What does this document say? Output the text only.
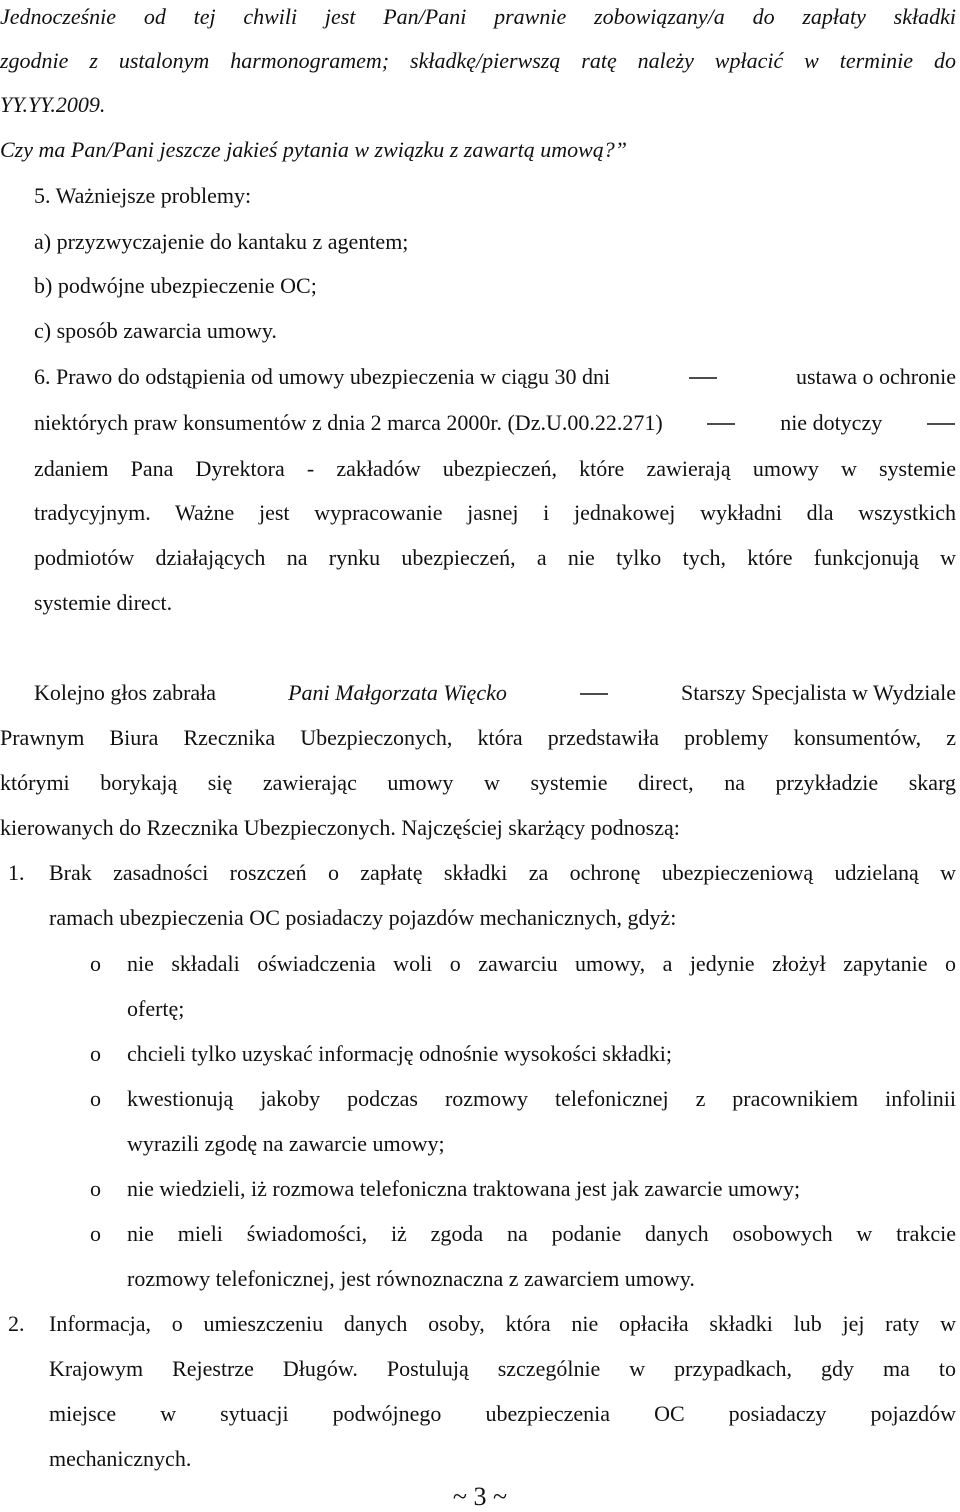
Jednocześnie od tej chwili jest Pan/Pani prawnie zobowiązany/a do zapłaty składki
zgodnie z ustalonym harmonogramem; składkę/pierwszą ratę należy wpłacić w terminie do
YY.YY.2009.
Czy ma Pan/Pani jeszcze jakieś pytania w związku z zawartą umową?”
5. Ważniejsze problemy:
a) przyzwyczajenie do kantaku z agentem;
b) podwójne ubezpieczenie OC;
c) sposób zawarcia umowy.
6. Prawo do odstąpienia od umowy ubezpieczenia w ciągu 30 dni	ustawa o ochronie
niektórych praw konsumentów z dnia 2 marca 2000r. (Dz.U.00.22.271)	nie dotyczy
zdaniem Pana Dyrektora - zakładów ubezpieczeń, które zawierają umowy w systemie
tradycyjnym. Ważne jest wypracowanie jasnej i jednakowej wykładni dla wszystkich
podmiotów działających na rynku ubezpieczeń, a nie tylko tych, które funkcjonują w
systemie direct.
Kolejno głos zabrała	Pani Małgorzata Więcko	Starszy Specjalista w Wydziale
Prawnym Biura Rzecznika Ubezpieczonych, która przedstawiła problemy konsumentów, z
którymi borykają się zawierając umowy w systemie direct, na przykładzie skarg
kierowanych do Rzecznika Ubezpieczonych. Najczęściej skarżący podnoszą:
1. Brak zasadności roszczeń o zapłatę składki za ochronę ubezpieczeniową udzielaną w
ramach ubezpieczenia OC posiadaczy pojazdów mechanicznych, gdyż:
o nie składali oświadczenia woli o zawarciu umowy, a jedynie złożył zapytanie o
ofertę;
o chcieli tylko uzyskać informację odnośnie wysokości składki;
o kwestionują jakoby podczas rozmowy telefonicznej z pracownikiem infolinii
wyrazili zgodę na zawarcie umowy;
o nie wiedzieli, iż rozmowa telefoniczna traktowana jest jak zawarcie umowy;
o nie mieli świadomości, iż zgoda na podanie danych osobowych w trakcie
rozmowy telefonicznej, jest równoznaczna z zawarciem umowy.
2. Informacja, o umieszczeniu danych osoby, która nie opłaciła składki lub jej raty w
Krajowym Rejestrze Długów. Postulują szczególnie w przypadkach, gdy ma to
miejsce w sytuacji podwójnego ubezpieczenia OC posiadaczy pojazdów
mechanicznych.
~ 3 ~
